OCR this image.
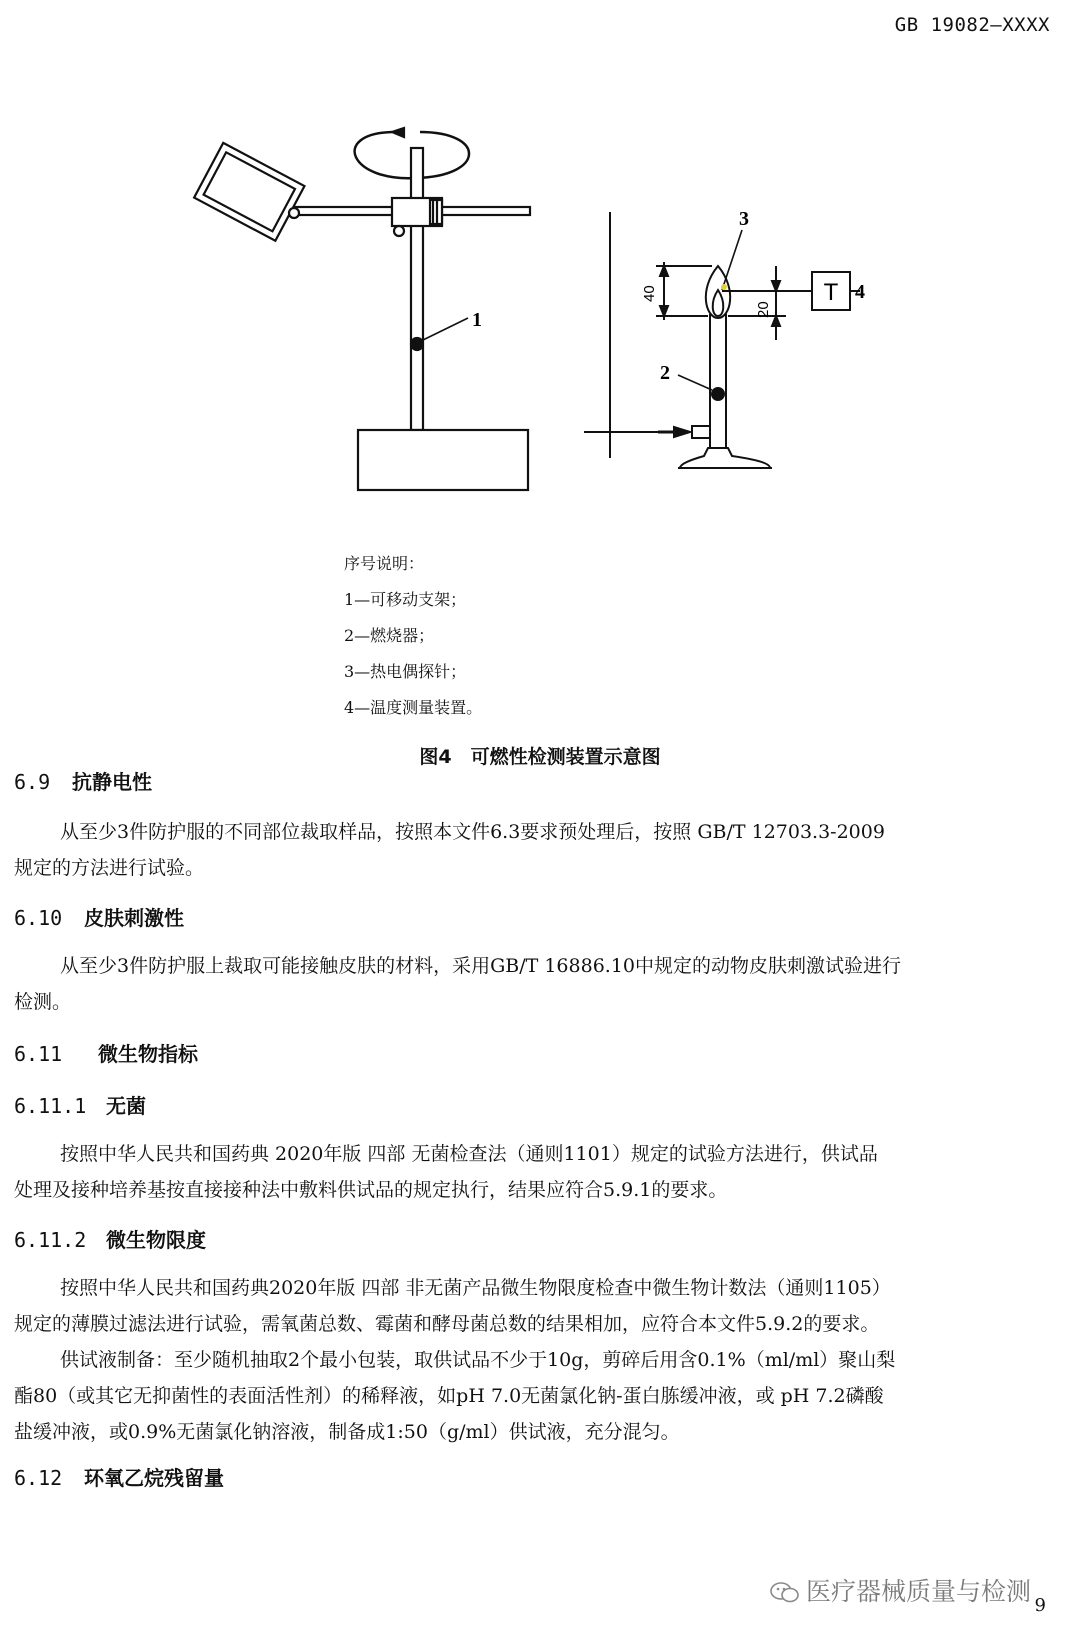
GB 19082—XXXX
1
T
40
20
2
3
4
序号说明：
1—可移动支架；
2—燃烧器；
3—热电偶探针；
4—温度测量装置。
图4　可燃性检测装置示意图
6.9 抗静电性
从至少3件防护服的不同部位裁取样品，按照本文件6.3要求预处理后，按照 GB/T 12703.3-2009
规定的方法进行试验。
6.10 皮肤刺激性
从至少3件防护服上裁取可能接触皮肤的材料，采用GB/T 16886.10中规定的动物皮肤刺激试验进行
检测。
6.11 微生物指标
6.11.1 无菌
按照中华人民共和国药典 2020年版 四部 无菌检查法（通则1101）规定的试验方法进行，供试品
处理及接种培养基按直接接种法中敷料供试品的规定执行，结果应符合5.9.1的要求。
6.11.2 微生物限度
按照中华人民共和国药典2020年版 四部 非无菌产品微生物限度检查中微生物计数法（通则1105）
规定的薄膜过滤法进行试验，需氧菌总数、霉菌和酵母菌总数的结果相加，应符合本文件5.9.2的要求。
供试液制备：至少随机抽取2个最小包装，取供试品不少于10g，剪碎后用含0.1%（ml/ml）聚山梨
酯80（或其它无抑菌性的表面活性剂）的稀释液，如pH 7.0无菌氯化钠-蛋白胨缓冲液，或 pH 7.2磷酸
盐缓冲液，或0.9%无菌氯化钠溶液，制备成1:50（g/ml）供试液，充分混匀。
6.12 环氧乙烷残留量
医疗器械质量与检测 9
